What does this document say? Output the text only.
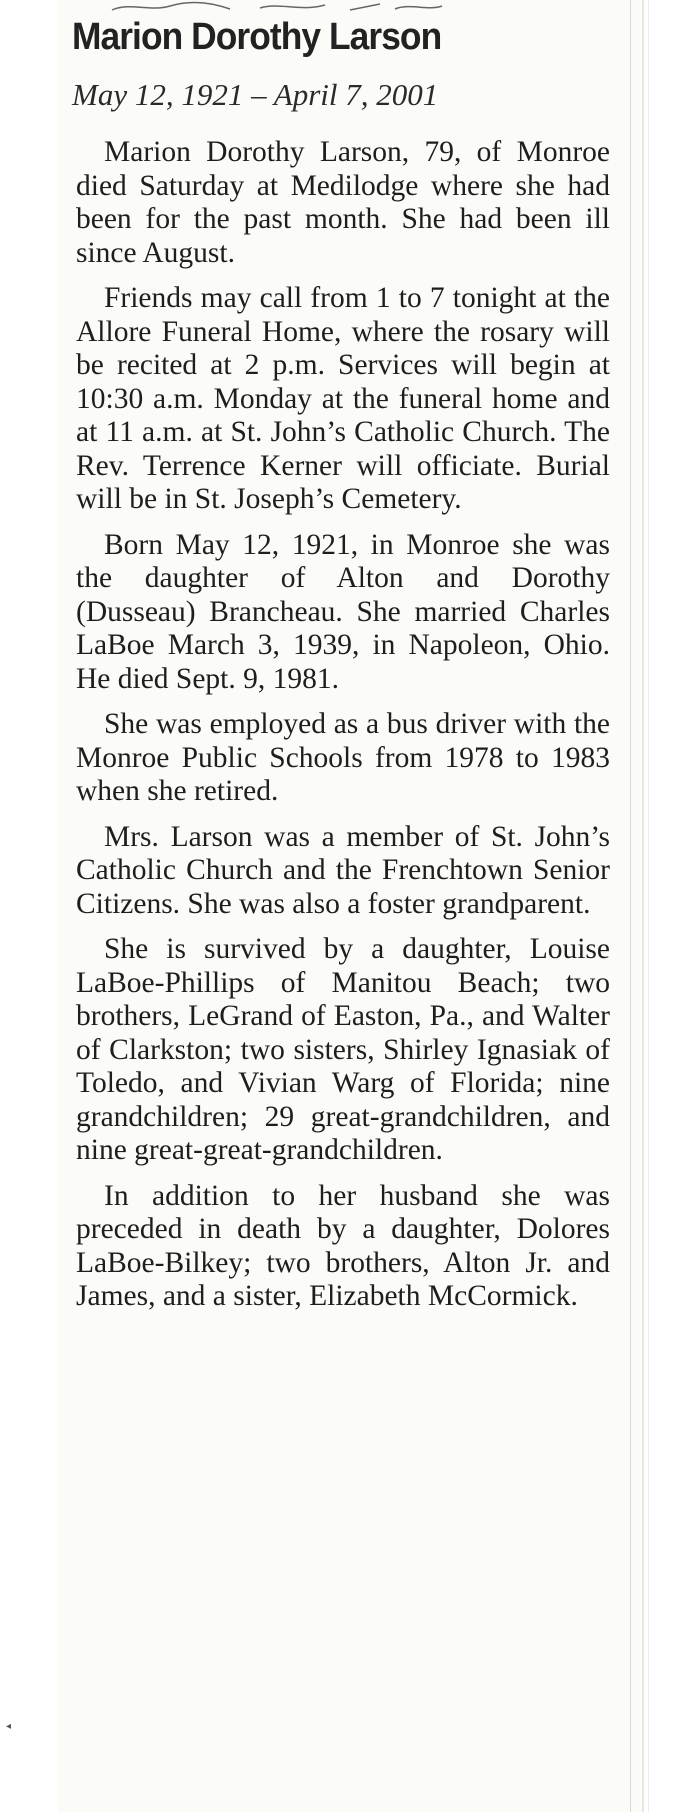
Marion Dorothy Larson

May 12, 1921 – April 7, 2001

Marion Dorothy Larson, 79, of Monroe died Saturday at Medilodge where she had been for the past month. She had been ill since August.

Friends may call from 1 to 7 tonight at the Allore Funeral Home, where the rosary will be recited at 2 p.m. Services will begin at 10:30 a.m. Monday at the funeral home and at 11 a.m. at St. John’s Catholic Church. The Rev. Terrence Kerner will officiate. Burial will be in St. Joseph’s Cemetery.

Born May 12, 1921, in Monroe she was the daughter of Alton and Dorothy (Dusseau) Brancheau. She married Charles LaBoe March 3, 1939, in Napoleon, Ohio. He died Sept. 9, 1981.

She was employed as a bus driver with the Monroe Public Schools from 1978 to 1983 when she retired.

Mrs. Larson was a member of St. John’s Catholic Church and the Frenchtown Senior Citizens. She was also a foster grandparent.

She is survived by a daughter, Louise LaBoe-Phillips of Manitou Beach; two brothers, LeGrand of Easton, Pa., and Walter of Clarkston; two sisters, Shirley Ignasiak of Toledo, and Vivian Warg of Florida; nine grandchildren; 29 great-grandchildren, and nine great-great-grandchildren.

In addition to her husband she was preceded in death by a daughter, Dolores LaBoe-Bilkey; two brothers, Alton Jr. and James, and a sister, Elizabeth McCormick.

◂
